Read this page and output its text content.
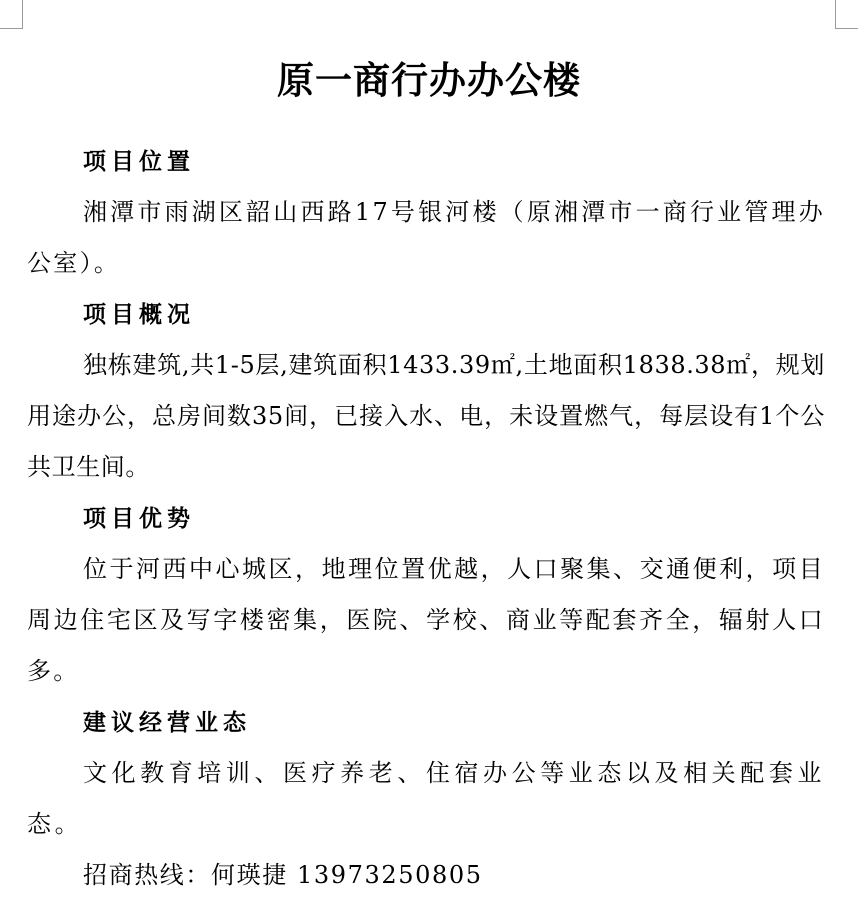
原一商行办办公楼

项目位置

湘潭市雨湖区韶山西路17号银河楼（原湘潭市一商行业管理办公室）。

项目概况

独栋建筑,共1-5层,建筑面积1433.39㎡,土地面积1838.38㎡，规划用途办公，总房间数35间，已接入水、电，未设置燃气，每层设有1个公共卫生间。

项目优势

位于河西中心城区，地理位置优越，人口聚集、交通便利，项目周边住宅区及写字楼密集，医院、学校、商业等配套齐全，辐射人口多。

建议经营业态

文化教育培训、医疗养老、住宿办公等业态以及相关配套业态。

招商热线：何瑛捷 13973250805
